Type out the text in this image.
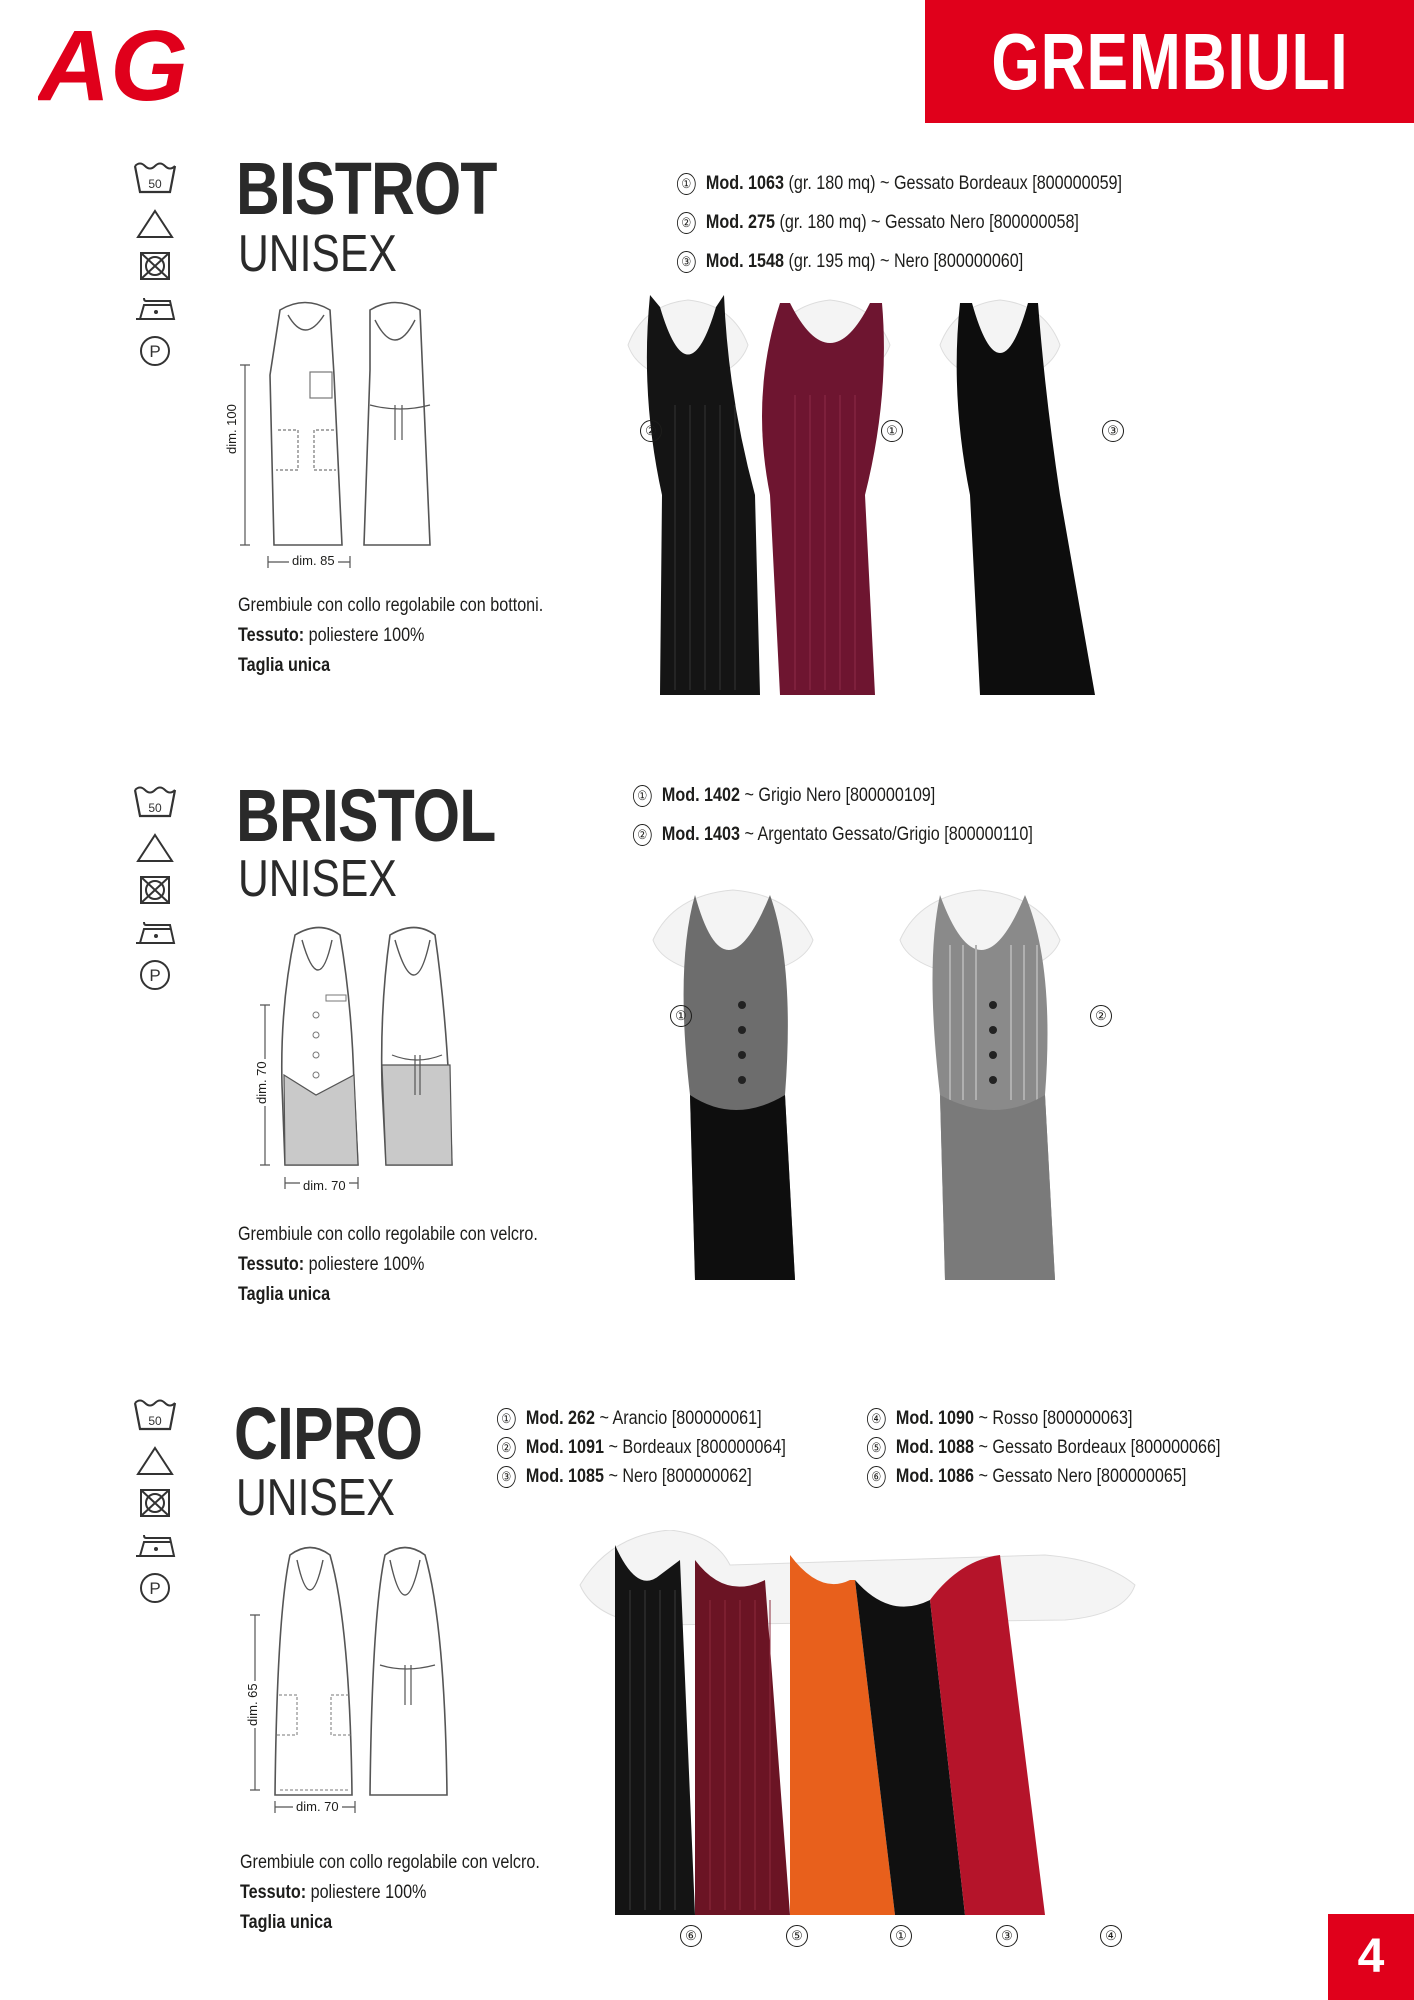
AG	GREMBIULI
50
P
BISTROT
UNISEX
dim. 100
dim. 85
Grembiule con collo regolabile con bottoni.
Tessuto: poliestere 100%
Taglia unica
① Mod. 1063 (gr. 180 mq) ~ Gessato Bordeaux [800000059]
② Mod. 275 (gr. 180 mq) ~ Gessato Nero [800000058]
③ Mod. 1548 (gr. 195 mq) ~ Nero [800000060]
②	①	③
50
P
BRISTOL
UNISEX
dim. 70
dim. 70
Grembiule con collo regolabile con velcro.
Tessuto: poliestere 100%
Taglia unica
① Mod. 1402 ~ Grigio Nero [800000109]
② Mod. 1403 ~ Argentato Gessato/Grigio [800000110]
①	②
50
P
CIPRO
UNISEX
dim. 65
dim. 70
Grembiule con collo regolabile con velcro.
Tessuto: poliestere 100%
Taglia unica
① Mod. 262 ~ Arancio [800000061]
② Mod. 1091 ~ Bordeaux [800000064]
③ Mod. 1085 ~ Nero [800000062]
④ Mod. 1090 ~ Rosso [800000063]
⑤ Mod. 1088 ~ Gessato Bordeaux [800000066]
⑥ Mod. 1086 ~ Gessato Nero [800000065]
⑥	⑤	①	③	④	4
